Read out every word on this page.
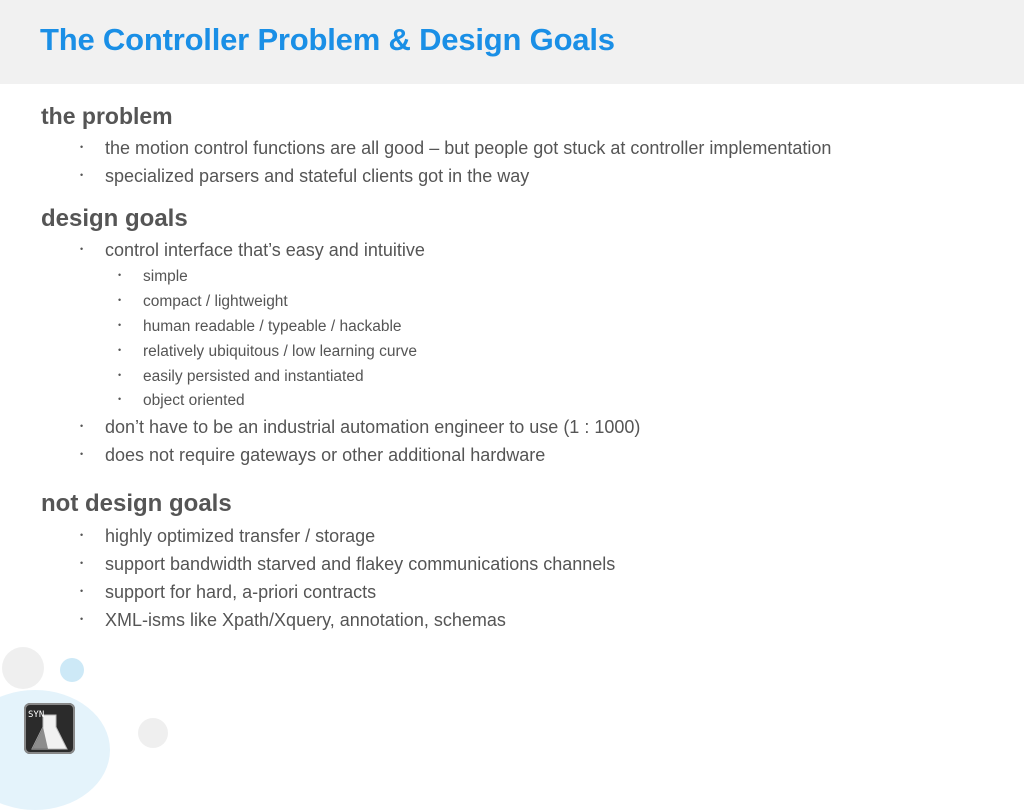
The Controller Problem & Design Goals
the problem
• the motion control functions are all good – but people got stuck at controller implementation
• specialized parsers and stateful clients got in the way
design goals
• control interface that’s easy and intuitive
• simple
• compact / lightweight
• human readable / typeable / hackable
• relatively ubiquitous / low learning curve
• easily persisted and instantiated
• object oriented
• don’t have to be an industrial automation engineer to use (1 : 1000)
• does not require gateways or other additional hardware
not design goals
• highly optimized transfer / storage
• support bandwidth starved and flakey communications channels
• support for hard, a-priori contracts
• XML-isms like Xpath/Xquery, annotation, schemas
SYN
